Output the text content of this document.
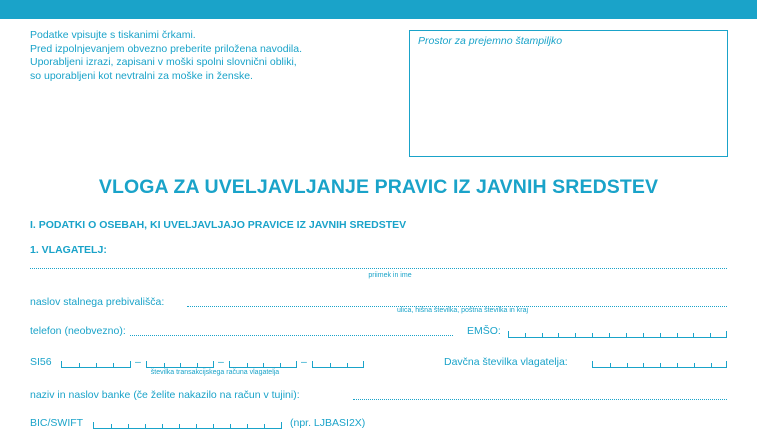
Podatke vpisujte s tiskanimi črkami.
Pred izpolnjevanjem obvezno preberite priložena navodila.
Uporabljeni izrazi, zapisani v moški spolni slovnični obliki,
so uporabljeni kot nevtralni za moške in ženske.
Prostor za prejemno štampiljko
VLOGA ZA UVELJAVLJANJE PRAVIC IZ JAVNIH SREDSTEV
I. PODATKI O OSEBAH, KI UVELJAVLJAJO PRAVICE IZ JAVNIH SREDSTEV
1. VLAGATELJ:
priimek in ime
naslov stalnega prebivališča:
ulica, hišna številka, poštna številka in kraj
telefon (neobvezno):	EMŠO:
SI56	–	–	–
številka transakcijskega računa vlagatelja
Davčna številka vlagatelja:
naziv in naslov banke (če želite nakazilo na račun v tujini):
BIC/SWIFT	(npr. LJBASI2X)
